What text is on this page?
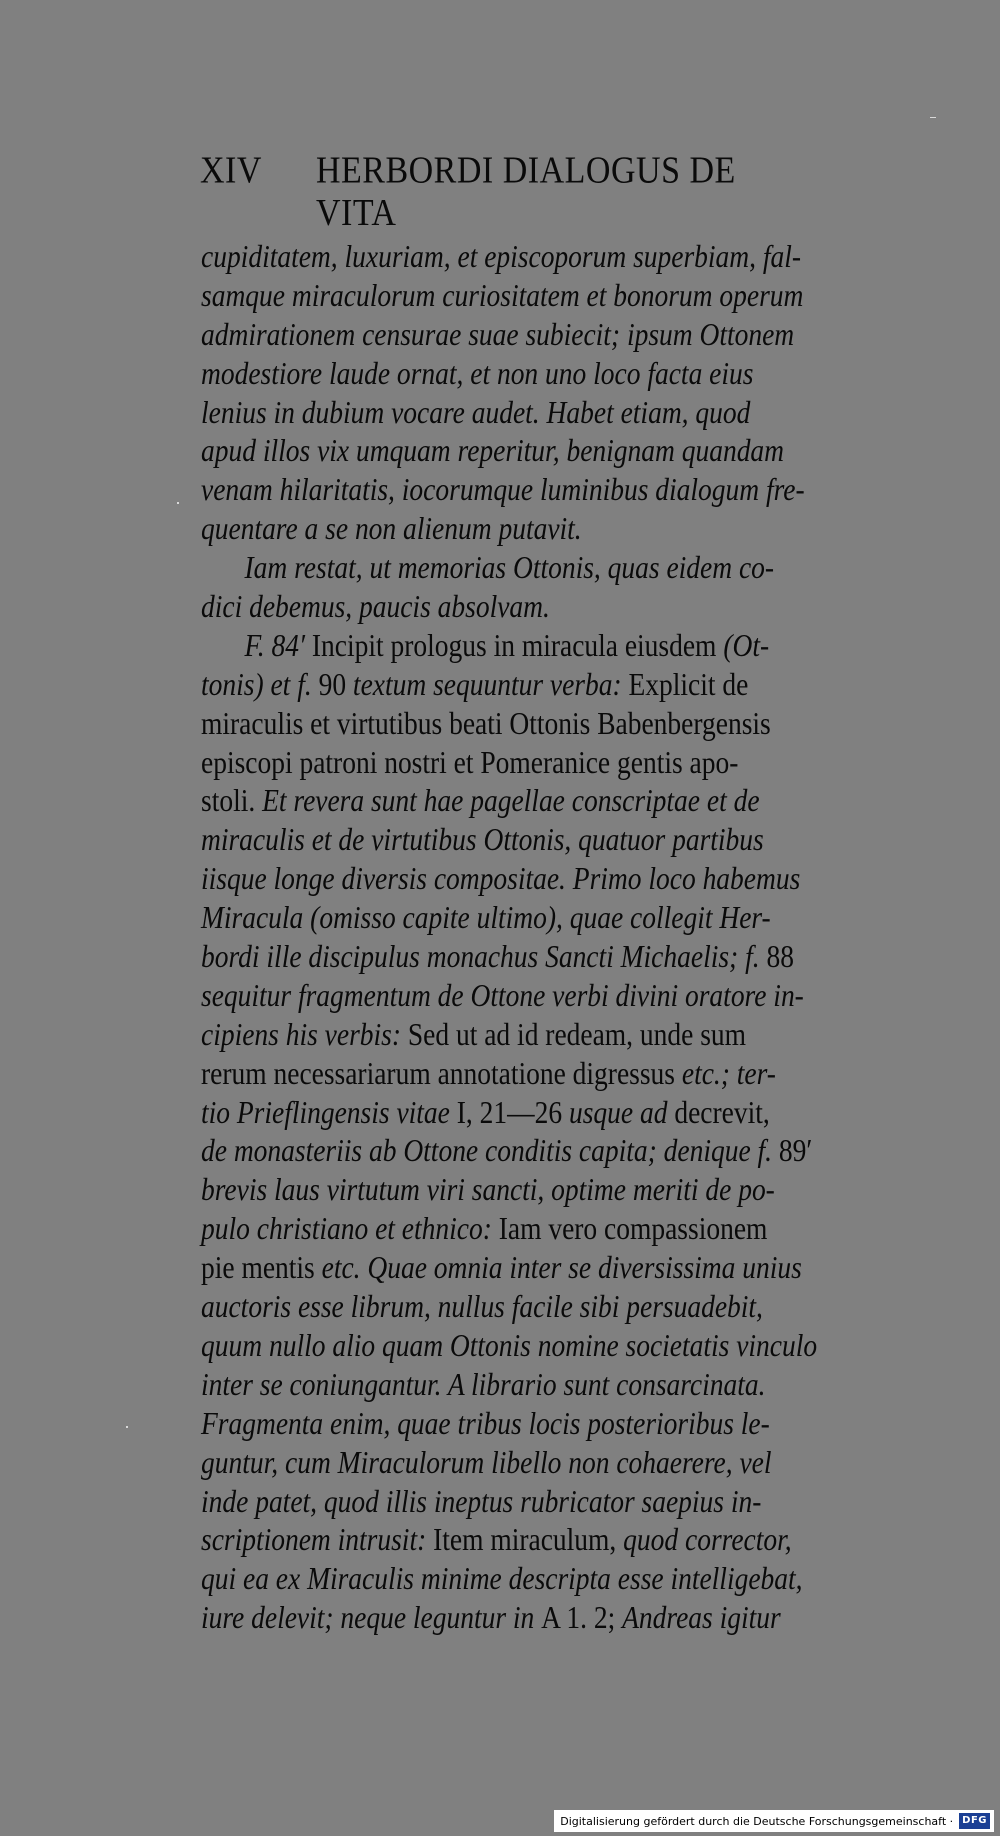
XIV HERBORDI DIALOGUS DE VITA
cupiditatem, luxuriam, et episcoporum superbiam, fal-
samque miraculorum curiositatem et bonorum operum
admirationem censurae suae subiecit; ipsum Ottonem
modestiore laude ornat, et non uno loco facta eius
lenius in dubium vocare audet. Habet etiam, quod
apud illos vix umquam reperitur, benignam quandam
venam hilaritatis, iocorumque luminibus dialogum fre-
quentare a se non alienum putavit.
Iam restat, ut memorias Ottonis, quas eidem co-
dici debemus, paucis absolvam.
F. 84′ Incipit prologus in miracula eiusdem (Ot-
tonis) et f. 90 textum sequuntur verba: Explicit de
miraculis et virtutibus beati Ottonis Babenbergensis
episcopi patroni nostri et Pomeranice gentis apo-
stoli. Et revera sunt hae pagellae conscriptae et de
miraculis et de virtutibus Ottonis, quatuor partibus
iisque longe diversis compositae. Primo loco habemus
Miracula (omisso capite ultimo), quae collegit Her-
bordi ille discipulus monachus Sancti Michaelis; f. 88
sequitur fragmentum de Ottone verbi divini oratore in-
cipiens his verbis: Sed ut ad id redeam, unde sum
rerum necessariarum annotatione digressus etc.; ter-
tio Prieflingensis vitae I, 21—26 usque ad decrevit,
de monasteriis ab Ottone conditis capita; denique f. 89′
brevis laus virtutum viri sancti, optime meriti de po-
pulo christiano et ethnico: Iam vero compassionem
pie mentis etc. Quae omnia inter se diversissima unius
auctoris esse librum, nullus facile sibi persuadebit,
quum nullo alio quam Ottonis nomine societatis vinculo
inter se coniungantur. A librario sunt consarcinata.
Fragmenta enim, quae tribus locis posterioribus le-
guntur, cum Miraculorum libello non cohaerere, vel
inde patet, quod illis ineptus rubricator saepius in-
scriptionem intrusit: Item miraculum, quod corrector,
qui ea ex Miraculis minime descripta esse intelligebat,
iure delevit; neque leguntur in A 1. 2; Andreas igitur
Digitalisierung gefördert durch die Deutsche Forschungsgemeinschaft · DFG
